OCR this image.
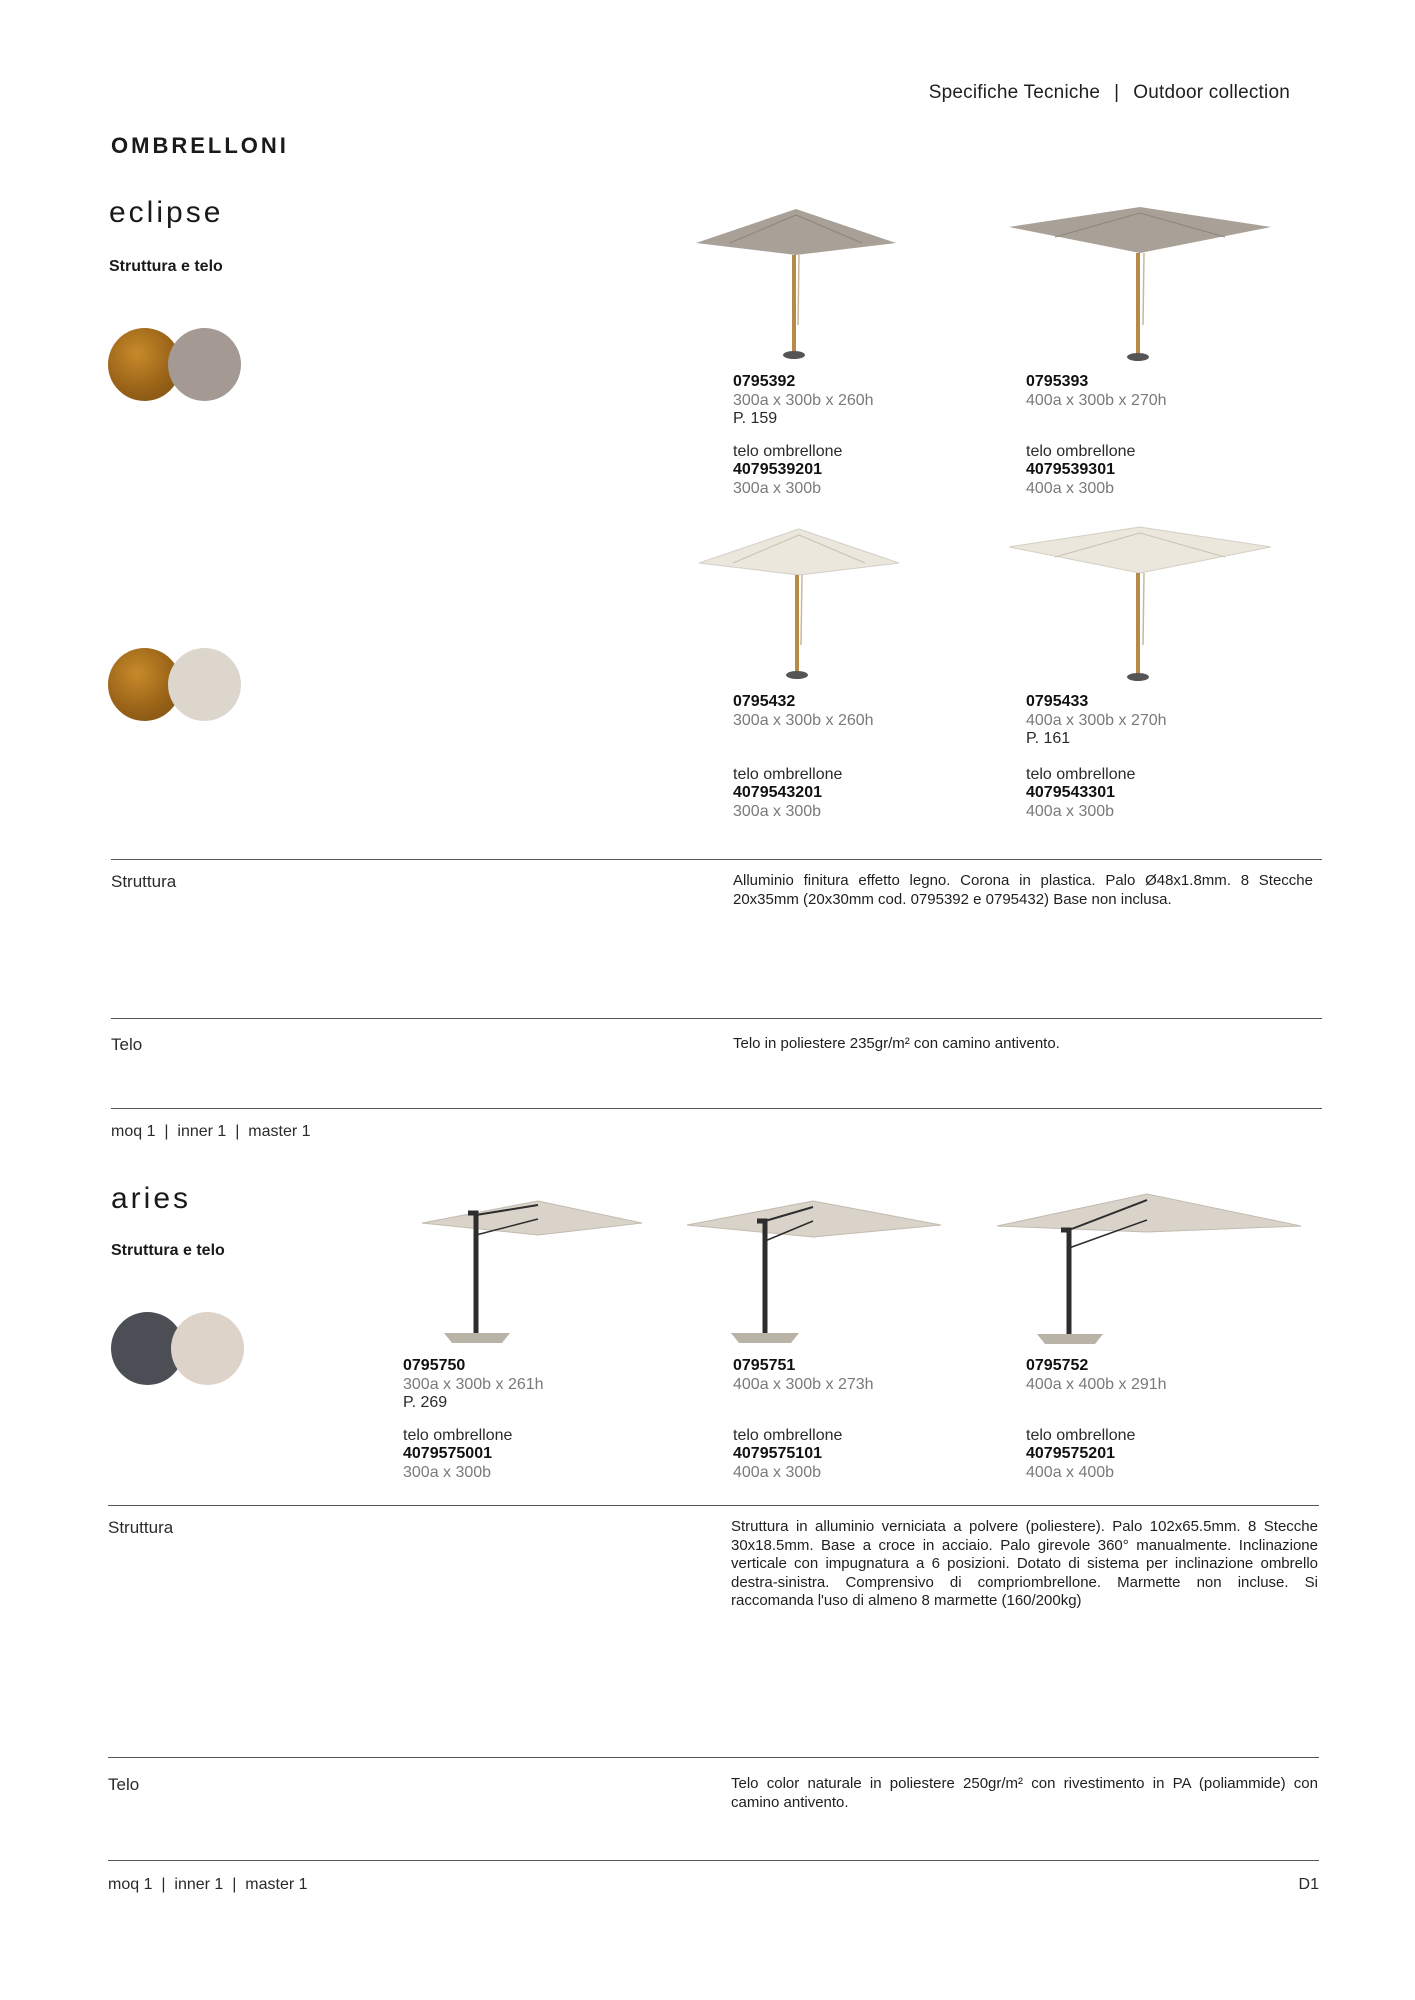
Specifiche Tecniche | Outdoor collection
OMBRELLONI
eclipse
Struttura e telo
0795392
300a x 300b x 260h
P. 159
telo ombrellone
4079539201
300a x 300b
0795393
400a x 300b x 270h
telo ombrellone
4079539301
400a x 300b
0795432
300a x 300b x 260h
telo ombrellone
4079543201
300a x 300b
0795433
400a x 300b x 270h
P. 161
telo ombrellone
4079543301
400a x 300b
Struttura	Alluminio finitura effetto legno. Corona in plastica. Palo Ø48x1.8mm. 8 Stecche 20x35mm (20x30mm cod. 0795392 e 0795432) Base non inclusa.
Telo	Telo in poliestere 235gr/m² con camino antivento.
moq 1  |  inner 1  |  master 1
aries
Struttura e telo
0795750
300a x 300b x 261h
P. 269
telo ombrellone
4079575001
300a x 300b
0795751
400a x 300b x 273h
telo ombrellone
4079575101
400a x 300b
0795752
400a x 400b x 291h
telo ombrellone
4079575201
400a x 400b
Struttura	Struttura in alluminio verniciata a polvere (poliestere). Palo 102x65.5mm. 8 Stecche 30x18.5mm. Base a croce in acciaio. Palo girevole 360° manualmente. Inclinazione verticale con impugnatura a 6 posizioni. Dotato di sistema per inclinazione ombrello destra-sinistra. Comprensivo di compriombrellone. Marmette non incluse. Si raccomanda l'uso di almeno 8 marmette (160/200kg)
Telo	Telo color naturale in poliestere 250gr/m² con rivestimento in PA (poliammide) con camino antivento.
moq 1  |  inner 1  |  master 1	D1
